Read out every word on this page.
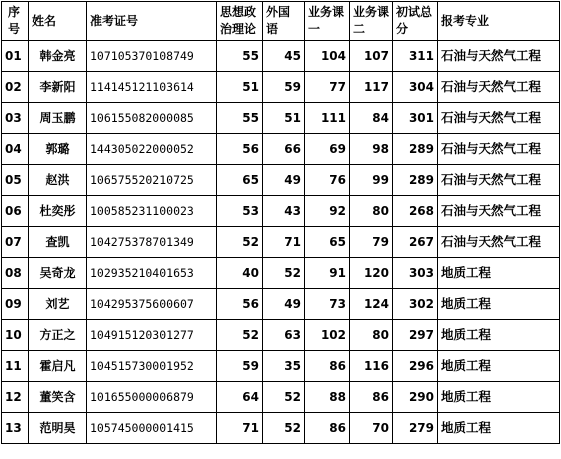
序号	姓名	准考证号	思想政治理论	外国语	业务课一	业务课二	初试总分	报考专业
01	韩金亮	107105370108749	55	45	104	107	311	石油与天然气工程
02	李新阳	114145121103614	51	59	77	117	304	石油与天然气工程
03	周玉鹏	106155082000085	55	51	111	84	301	石油与天然气工程
04	郭璐	144305022000052	56	66	69	98	289	石油与天然气工程
05	赵洪	106575520210725	65	49	76	99	289	石油与天然气工程
06	杜奕彤	100585231100023	53	43	92	80	268	石油与天然气工程
07	查凯	104275378701349	52	71	65	79	267	石油与天然气工程
08	吴奇龙	102935210401653	40	52	91	120	303	地质工程
09	刘艺	104295375600607	56	49	73	124	302	地质工程
10	方正之	104915120301277	52	63	102	80	297	地质工程
11	霍启凡	104515730001952	59	35	86	116	296	地质工程
12	董笑含	101655000006879	64	52	88	86	290	地质工程
13	范明昊	105745000001415	71	52	86	70	279	地质工程
